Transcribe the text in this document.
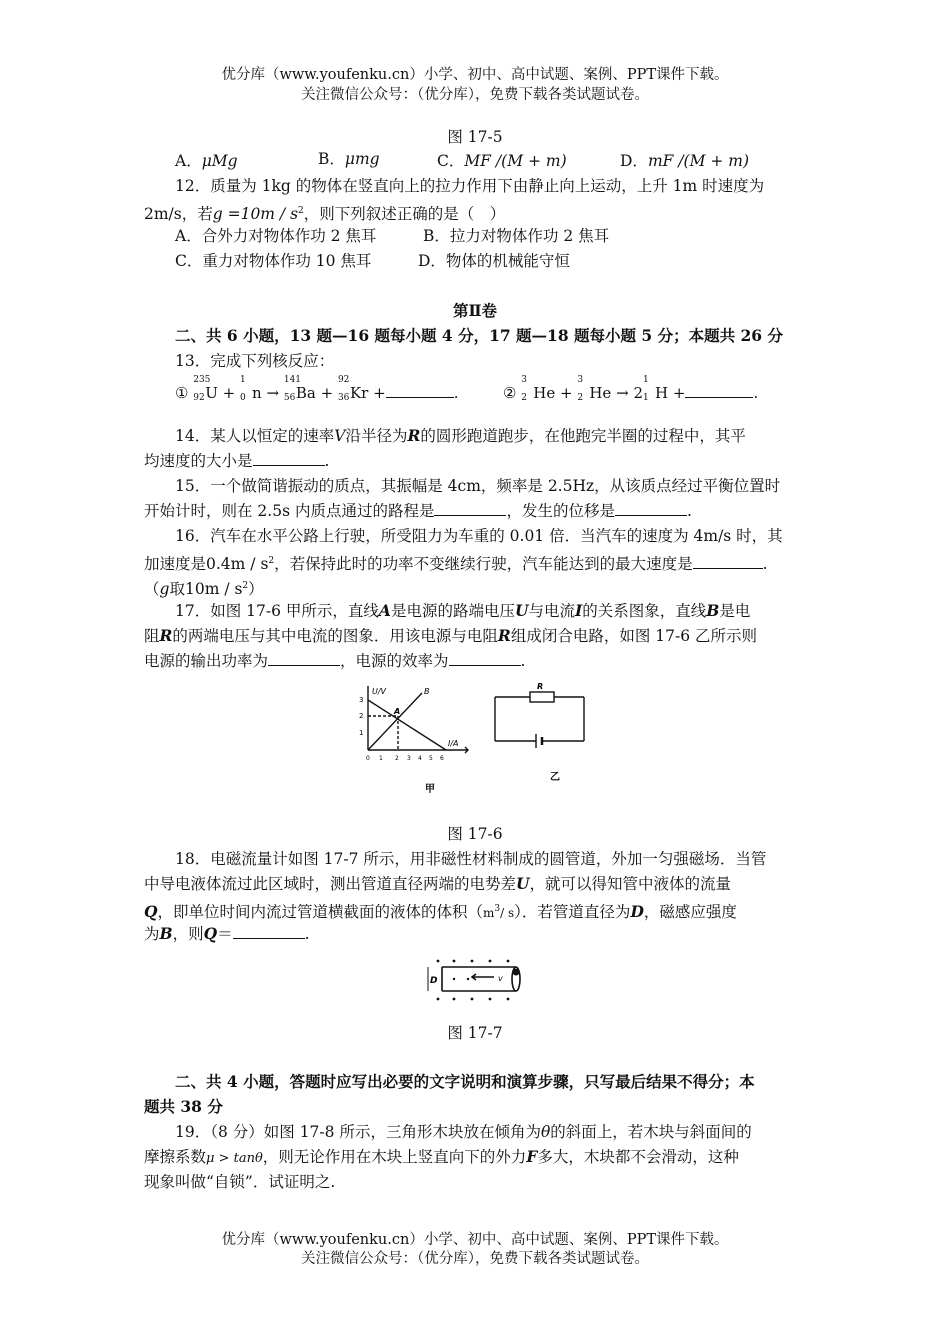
优分库（www.youfenku.cn）小学、初中、高中试题、案例、PPT课件下载。
关注微信公众号：（优分库），免费下载各类试题试卷。
图 17-5
A．μMg	B．μmg	C．MF /(M + m)	D．mF /(M + m)
12．质量为 1kg 的物体在竖直向上的拉力作用下由静止向上运动，上升 1m 时速度为
2m/s，若$g =10m / s^2$，则下列叙述正确的是（　）
A．合外力对物体作功 2 焦耳	B．拉力对物体作功 2 焦耳
C．重力对物体作功 10 焦耳	D．物体的机械能守恒
第Ⅱ卷
二、共 6 小题，13 题—16 题每小题 4 分，17 题—18 题每小题 5 分；本题共 26 分
13．完成下列核反应：
①
235
92 U +
1
0 n →
141
56 Ba +
92
36 Kr +	.	②
3
2 He +
3
2 He → 2
1
1 H +	.
14．某人以恒定的速率V沿半径为R的圆形跑道跑步，在他跑完半圈的过程中，其平
均速度的大小是	.
15．一个做简谐振动的质点，其振幅是 4cm，频率是 2.5Hz，从该质点经过平衡位置时
开始计时，则在 2.5s 内质点通过的路程是	，发生的位移是	.
16．汽车在水平公路上行驶，所受阻力为车重的 0.01 倍．当汽车的速度为 4m/s 时，其
加速度是$0.4m / s^2$，若保持此时的功率不变继续行驶，汽车能达到的最大速度是	.
（g取$10m / s^2$）
17．如图 17-6 甲所示，直线A是电源的路端电压U与电流I的关系图象，直线B是电
阻R的两端电压与其中电流的图象．用该电源与电阻R组成闭合电路，如图 17-6 乙所示则
电源的输出功率为	，电源的效率为	.
U/V	B
A
I/A
3
2
1
0 1 2 3 4 5 6
甲
R
乙
图 17-6
18．电磁流量计如图 17-7 所示，用非磁性材料制成的圆管道，外加一匀强磁场．当管
中导电液体流过此区域时，测出管道直径两端的电势差U，就可以得知管中液体的流量
Q，即单位时间内流过管道横截面的液体的体积（$m^3/$ s）．若管道直径为D，磁感应强度
为B，则Q＝	.
D	v
图 17-7
二、共 4 小题，答题时应写出必要的文字说明和演算步骤，只写最后结果不得分；本
题共 38 分
19．（8 分）如图 17-8 所示，三角形木块放在倾角为θ的斜面上，若木块与斜面间的
摩擦系数μ > tanθ，则无论作用在木块上竖直向下的外力F多大，木块都不会滑动，这种
现象叫做“自锁”．试证明之.
优分库（www.youfenku.cn）小学、初中、高中试题、案例、PPT课件下载。
关注微信公众号：（优分库），免费下载各类试题试卷。
